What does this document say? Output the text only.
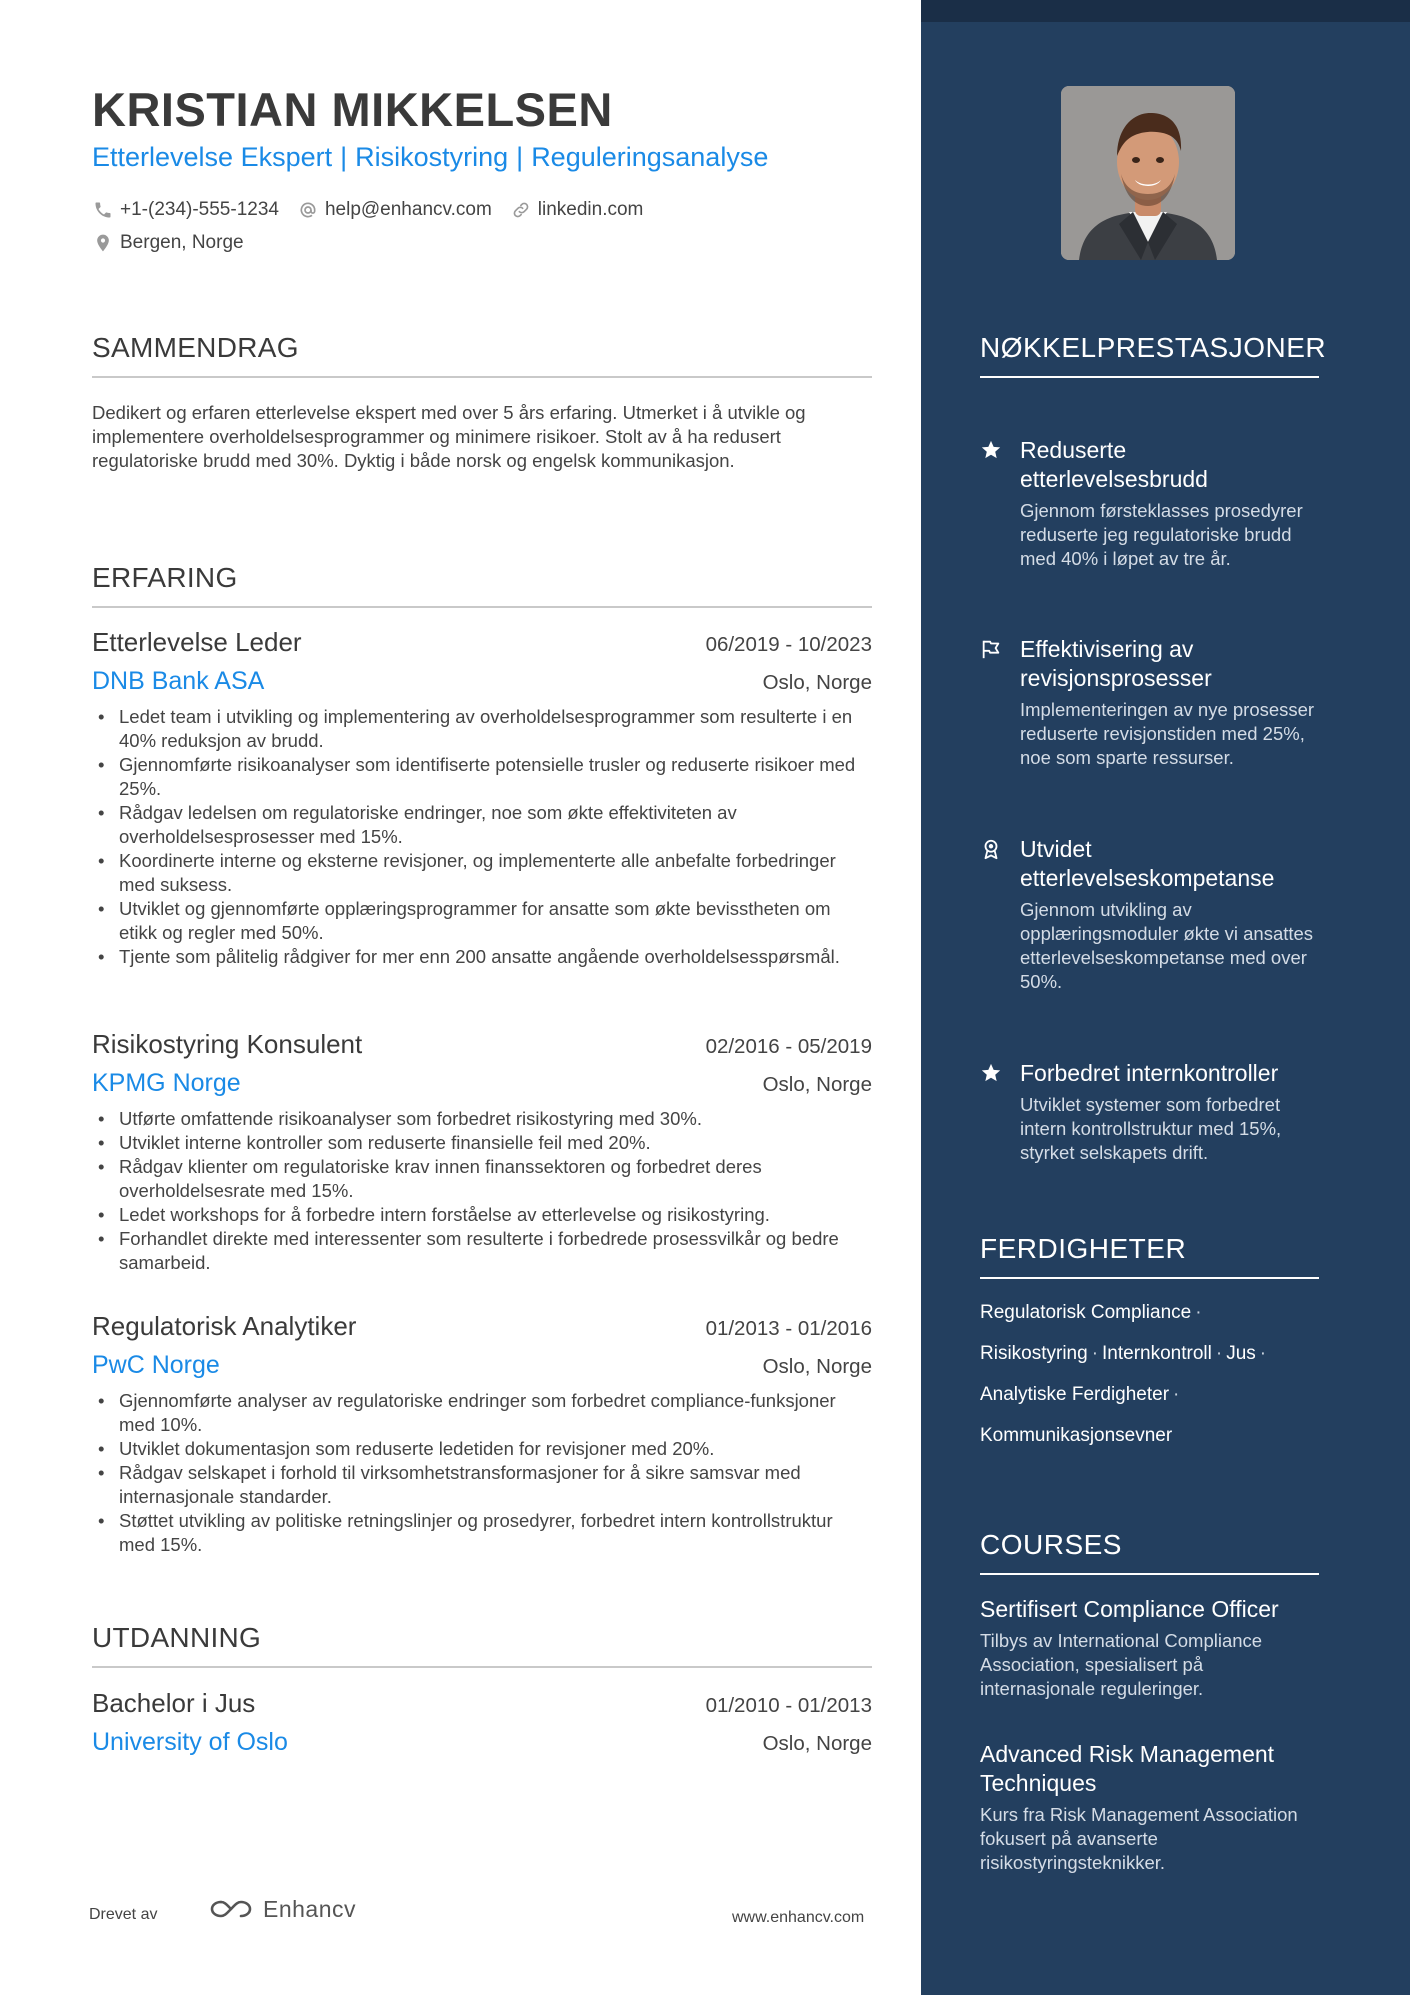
KRISTIAN MIKKELSEN
Etterlevelse Ekspert | Risikostyring | Reguleringsanalyse
+1-(234)-555-1234 help@enhancv.com linkedin.com
Bergen, Norge
SAMMENDRAG
Dedikert og erfaren etterlevelse ekspert med over 5 års erfaring. Utmerket i å utvikle og implementere overholdelsesprogrammer og minimere risikoer. Stolt av å ha redusert regulatoriske brudd med 30%. Dyktig i både norsk og engelsk kommunikasjon.
ERFARING
Etterlevelse Leder	06/2019 - 10/2023
DNB Bank ASA	Oslo, Norge
• Ledet team i utvikling og implementering av overholdelsesprogrammer som resulterte i en 40% reduksjon av brudd.
• Gjennomførte risikoanalyser som identifiserte potensielle trusler og reduserte risikoer med 25%.
• Rådgav ledelsen om regulatoriske endringer, noe som økte effektiviteten av overholdelsesprosesser med 15%.
• Koordinerte interne og eksterne revisjoner, og implementerte alle anbefalte forbedringer med suksess.
• Utviklet og gjennomførte opplæringsprogrammer for ansatte som økte bevisstheten om etikk og regler med 50%.
• Tjente som pålitelig rådgiver for mer enn 200 ansatte angående overholdelsesspørsmål.
Risikostyring Konsulent	02/2016 - 05/2019
KPMG Norge	Oslo, Norge
• Utførte omfattende risikoanalyser som forbedret risikostyring med 30%.
• Utviklet interne kontroller som reduserte finansielle feil med 20%.
• Rådgav klienter om regulatoriske krav innen finanssektoren og forbedret deres overholdelsesrate med 15%.
• Ledet workshops for å forbedre intern forståelse av etterlevelse og risikostyring.
• Forhandlet direkte med interessenter som resulterte i forbedrede prosessvilkår og bedre samarbeid.
Regulatorisk Analytiker	01/2013 - 01/2016
PwC Norge	Oslo, Norge
• Gjennomførte analyser av regulatoriske endringer som forbedret compliance-funksjoner med 10%.
• Utviklet dokumentasjon som reduserte ledetiden for revisjoner med 20%.
• Rådgav selskapet i forhold til virksomhetstransformasjoner for å sikre samsvar med internasjonale standarder.
• Støttet utvikling av politiske retningslinjer og prosedyrer, forbedret intern kontrollstruktur med 15%.
UTDANNING
Bachelor i Jus	01/2010 - 01/2013
University of Oslo	Oslo, Norge
Drevet av	Enhancv	www.enhancv.com
NØKKELPRESTASJONER
Reduserte etterlevelsesbrudd
Gjennom førsteklasses prosedyrer reduserte jeg regulatoriske brudd med 40% i løpet av tre år.
Effektivisering av revisjonsprosesser
Implementeringen av nye prosesser reduserte revisjonstiden med 25%, noe som sparte ressurser.
Utvidet etterlevelseskompetanse
Gjennom utvikling av opplæringsmoduler økte vi ansattes etterlevelseskompetanse med over 50%.
Forbedret internkontroller
Utviklet systemer som forbedret intern kontrollstruktur med 15%, styrket selskapets drift.
FERDIGHETER
Regulatorisk Compliance ·
Risikostyring · Internkontroll · Jus ·
Analytiske Ferdigheter ·
Kommunikasjonsevner
COURSES
Sertifisert Compliance Officer
Tilbys av International Compliance Association, spesialisert på internasjonale reguleringer.
Advanced Risk Management Techniques
Kurs fra Risk Management Association fokusert på avanserte risikostyringsteknikker.
